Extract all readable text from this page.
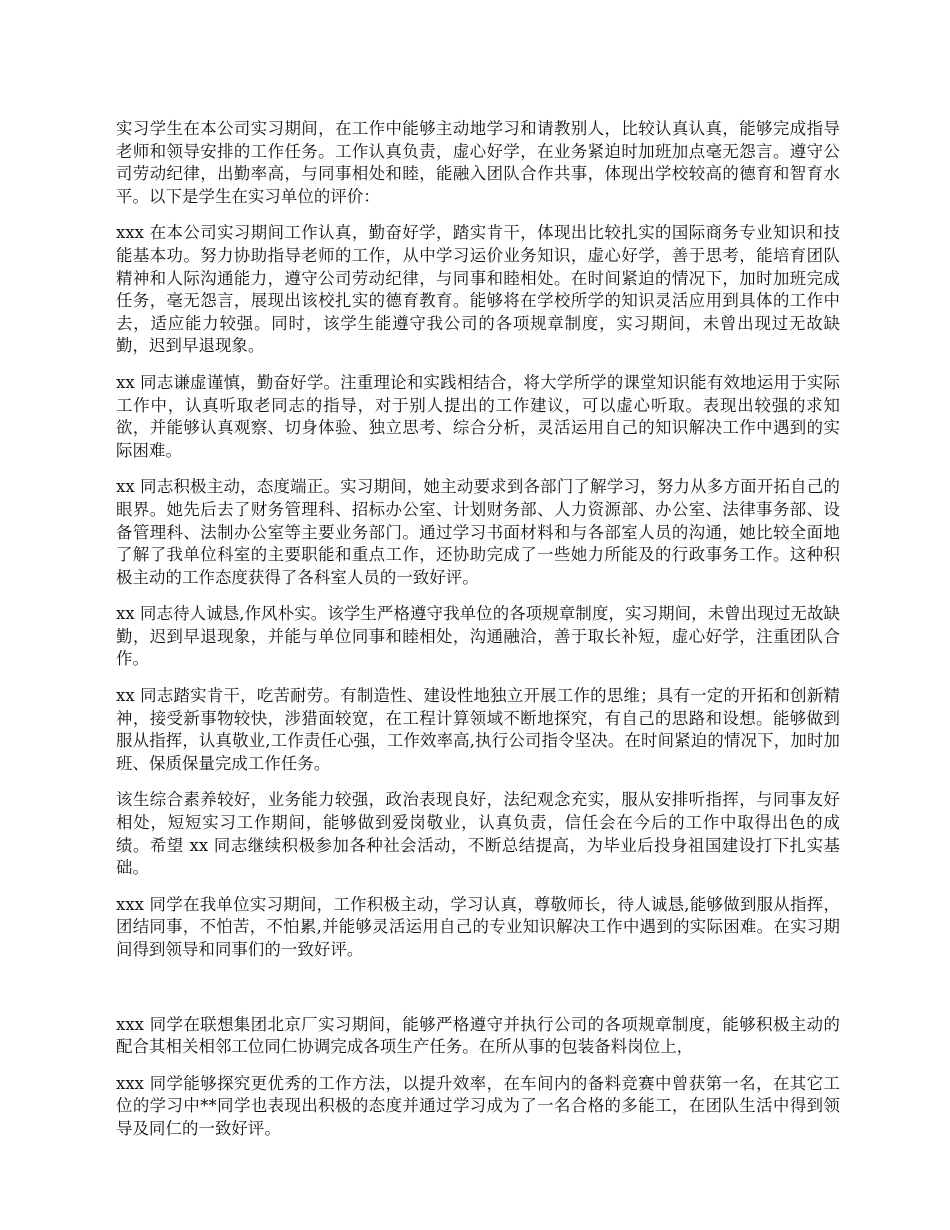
实习学生在本公司实习期间，在工作中能够主动地学习和请教别人，比较认真认真，能够完成指导老师和领导安排的工作任务。工作认真负责，虚心好学，在业务紧迫时加班加点毫无怨言。遵守公司劳动纪律，出勤率高，与同事相处和睦，能融入团队合作共事，体现出学校较高的德育和智育水平。以下是学生在实习单位的评价：

xxx 在本公司实习期间工作认真，勤奋好学，踏实肯干，体现出比较扎实的国际商务专业知识和技能基本功。努力协助指导老师的工作，从中学习运价业务知识，虚心好学，善于思考，能培育团队精神和人际沟通能力，遵守公司劳动纪律，与同事和睦相处。在时间紧迫的情况下，加时加班完成任务，毫无怨言，展现出该校扎实的德育教育。能够将在学校所学的知识灵活应用到具体的工作中去，适应能力较强。同时，该学生能遵守我公司的各项规章制度，实习期间，未曾出现过无故缺勤，迟到早退现象。

xx 同志谦虚谨慎，勤奋好学。注重理论和实践相结合，将大学所学的课堂知识能有效地运用于实际工作中，认真听取老同志的指导，对于别人提出的工作建议，可以虚心听取。表现出较强的求知欲，并能够认真观察、切身体验、独立思考、综合分析，灵活运用自己的知识解决工作中遇到的实际困难。

xx 同志积极主动，态度端正。实习期间，她主动要求到各部门了解学习，努力从多方面开拓自己的眼界。她先后去了财务管理科、招标办公室、计划财务部、人力资源部、办公室、法律事务部、设备管理科、法制办公室等主要业务部门。通过学习书面材料和与各部室人员的沟通，她比较全面地了解了我单位科室的主要职能和重点工作，还协助完成了一些她力所能及的行政事务工作。这种积极主动的工作态度获得了各科室人员的一致好评。

xx 同志待人诚恳,作风朴实。该学生严格遵守我单位的各项规章制度，实习期间，未曾出现过无故缺勤，迟到早退现象，并能与单位同事和睦相处，沟通融洽，善于取长补短，虚心好学，注重团队合作。

xx 同志踏实肯干，吃苦耐劳。有制造性、建设性地独立开展工作的思维；具有一定的开拓和创新精神，接受新事物较快，涉猎面较宽，在工程计算领域不断地探究，有自己的思路和设想。能够做到服从指挥，认真敬业,工作责任心强，工作效率高,执行公司指令坚决。在时间紧迫的情况下，加时加班、保质保量完成工作任务。

该生综合素养较好，业务能力较强，政治表现良好，法纪观念充实，服从安排听指挥，与同事友好相处，短短实习工作期间，能够做到爱岗敬业，认真负责，信任会在今后的工作中取得出色的成绩。希望 xx 同志继续积极参加各种社会活动，不断总结提高，为毕业后投身祖国建设打下扎实基础。

xxx 同学在我单位实习期间，工作积极主动，学习认真，尊敬师长，待人诚恳,能够做到服从指挥，团结同事，不怕苦，不怕累,并能够灵活运用自己的专业知识解决工作中遇到的实际困难。在实习期间得到领导和同事们的一致好评。

xxx 同学在联想集团北京厂实习期间，能够严格遵守并执行公司的各项规章制度，能够积极主动的配合其相关相邻工位同仁协调完成各项生产任务。在所从事的包装备料岗位上，

xxx 同学能够探究更优秀的工作方法，以提升效率，在车间内的备料竞赛中曾获第一名，在其它工位的学习中**同学也表现出积极的态度并通过学习成为了一名合格的多能工，在团队生活中得到领导及同仁的一致好评。
